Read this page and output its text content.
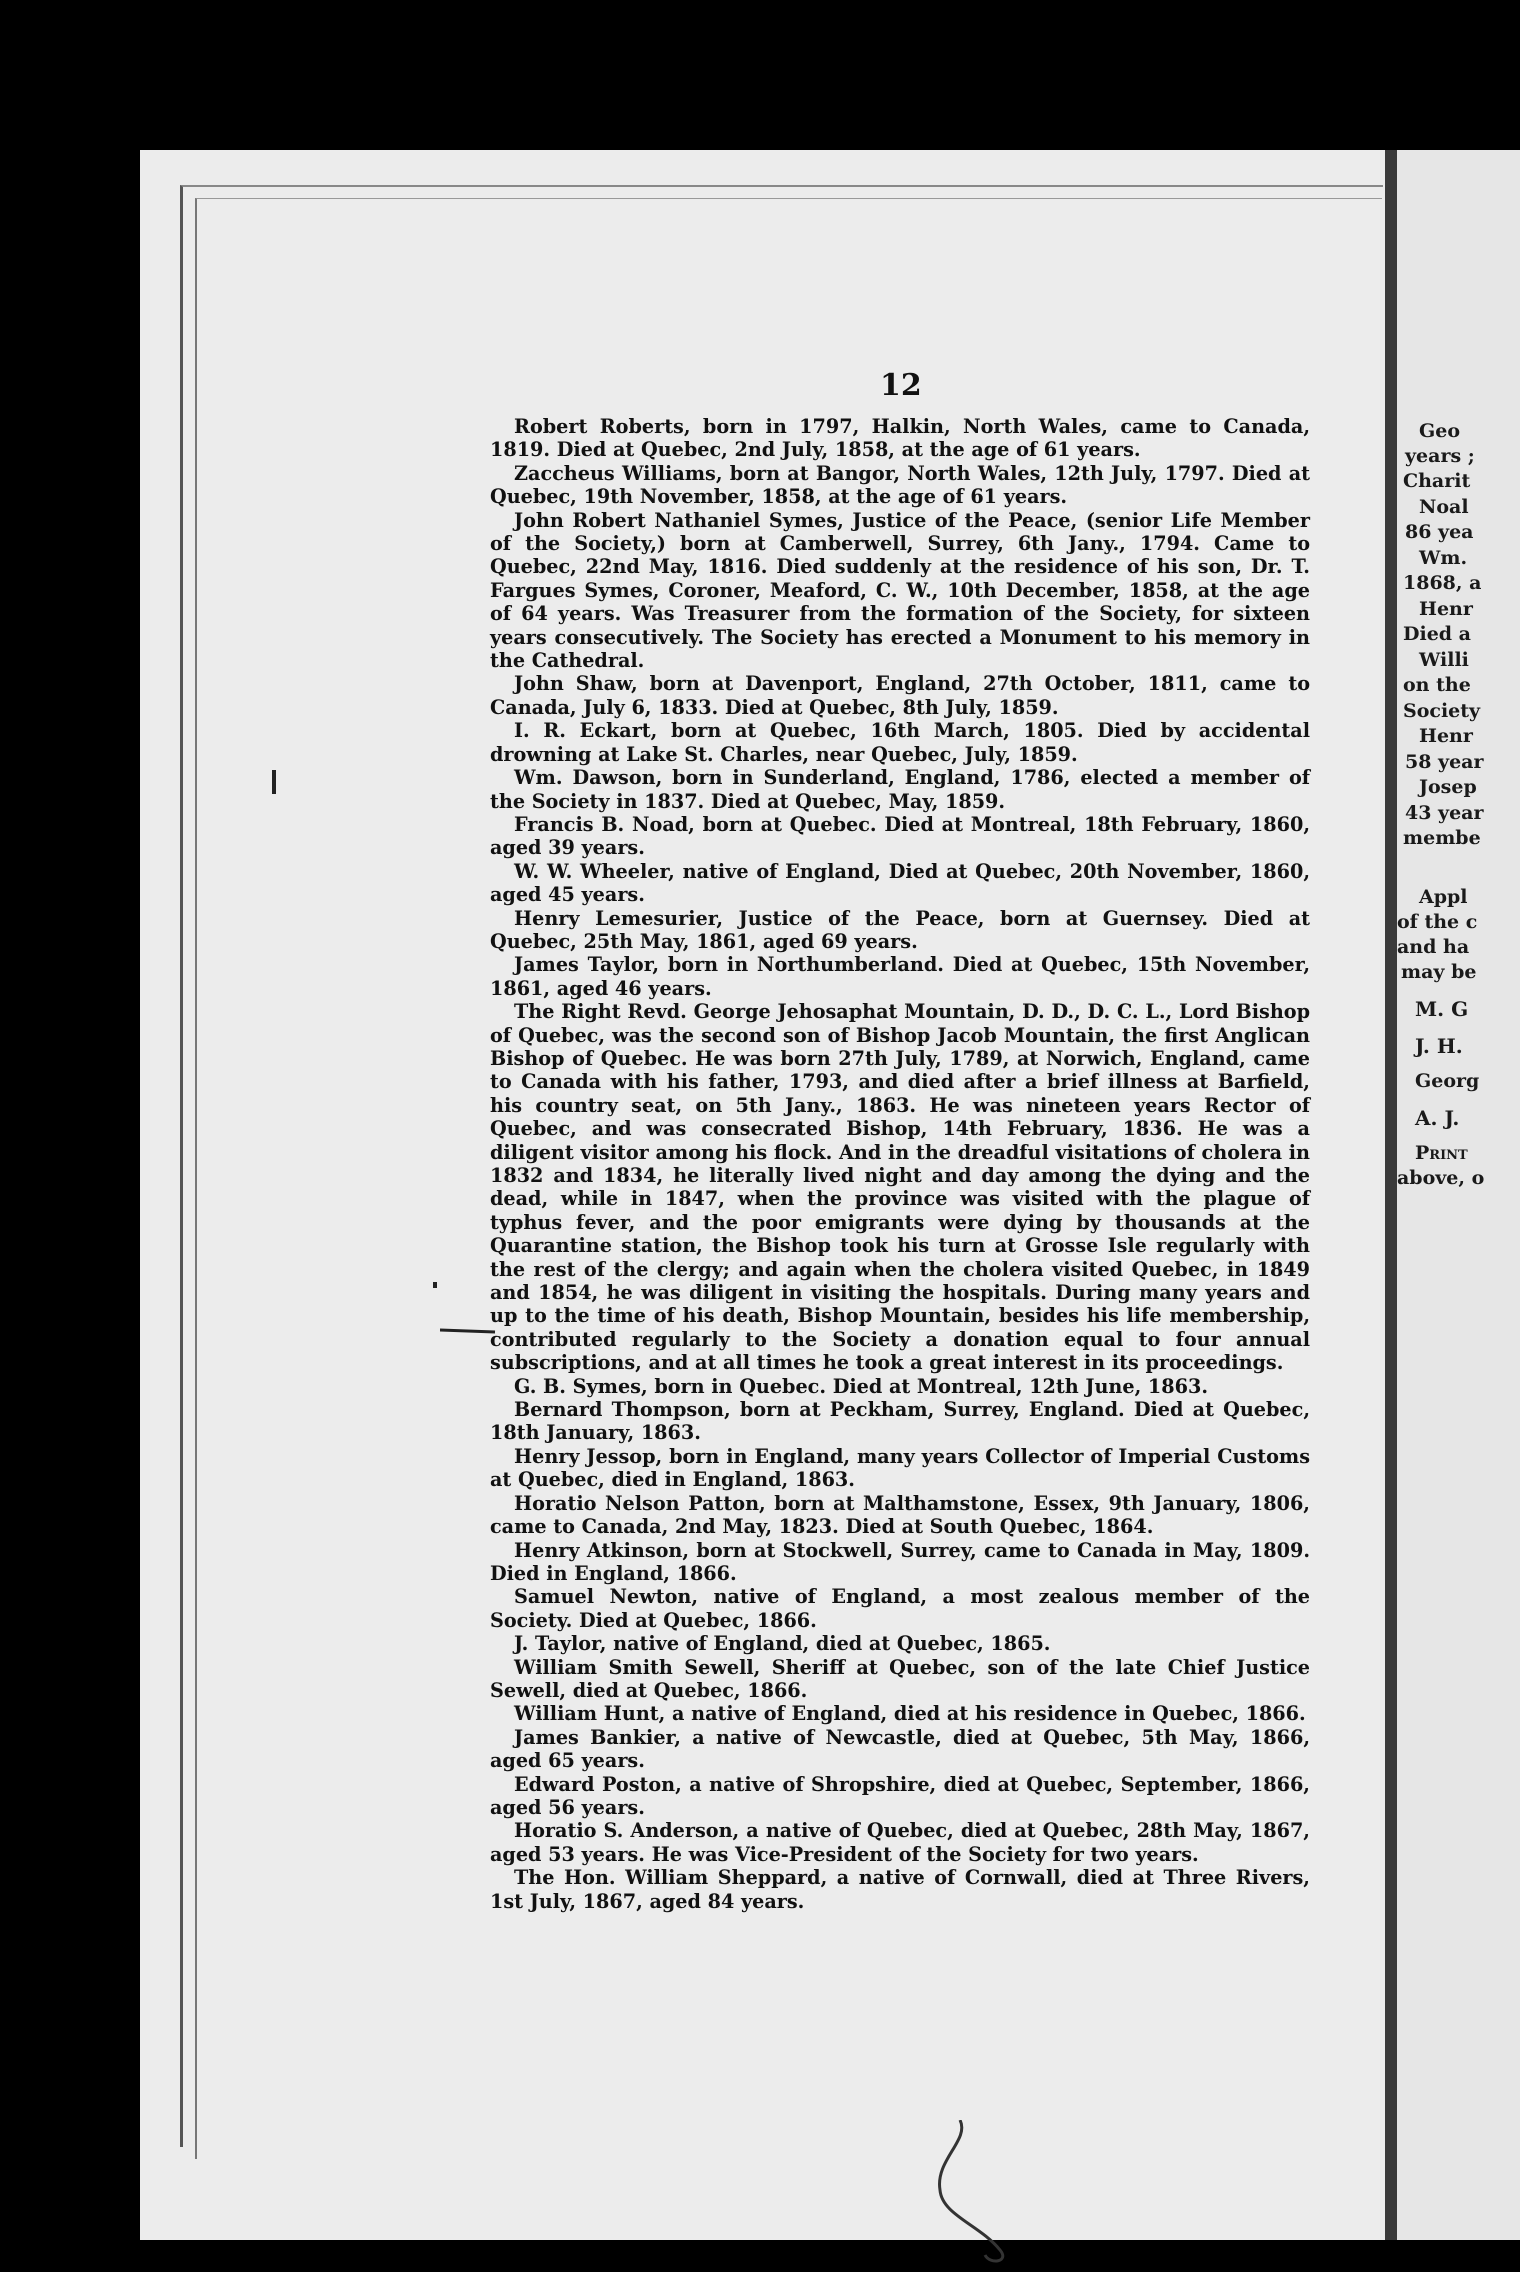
Geo
years ;
Charit
Noal
86 yea
Wm.
1868, a
Henr
Died a
Willi
on the
Society
Henr
58 year
Josep
43 year
membe
Appl
of the c
and ha
may be
M. G
J. H.
Georg
A. J.
Print
above, o
12

Robert Roberts, born in 1797, Halkin, North Wales, came to Canada, 1819. Died at Quebec, 2nd July, 1858, at the age of 61 years.

Zaccheus Williams, born at Bangor, North Wales, 12th July, 1797. Died at Quebec, 19th November, 1858, at the age of 61 years.

John Robert Nathaniel Symes, Justice of the Peace, (senior Life Member of the Society,) born at Camberwell, Surrey, 6th Jany., 1794. Came to Quebec, 22nd May, 1816. Died suddenly at the residence of his son, Dr. T. Fargues Symes, Coroner, Meaford, C. W., 10th December, 1858, at the age of 64 years. Was Treasurer from the formation of the Society, for sixteen years consecutively. The Society has erected a Monument to his memory in the Cathedral.

John Shaw, born at Davenport, England, 27th October, 1811, came to Canada, July 6, 1833. Died at Quebec, 8th July, 1859.

I. R. Eckart, born at Quebec, 16th March, 1805. Died by accidental drowning at Lake St. Charles, near Quebec, July, 1859.

Wm. Dawson, born in Sunderland, England, 1786, elected a member of the Society in 1837. Died at Quebec, May, 1859.

Francis B. Noad, born at Quebec. Died at Montreal, 18th February, 1860, aged 39 years.

W. W. Wheeler, native of England, Died at Quebec, 20th November, 1860, aged 45 years.

Henry Lemesurier, Justice of the Peace, born at Guernsey. Died at Quebec, 25th May, 1861, aged 69 years.

James Taylor, born in Northumberland. Died at Quebec, 15th November, 1861, aged 46 years.

The Right Revd. George Jehosaphat Mountain, D. D., D. C. L., Lord Bishop of Quebec, was the second son of Bishop Jacob Mountain, the first Anglican Bishop of Quebec. He was born 27th July, 1789, at Norwich, England, came to Canada with his father, 1793, and died after a brief illness at Barfield, his country seat, on 5th Jany., 1863. He was nineteen years Rector of Quebec, and was consecrated Bishop, 14th February, 1836. He was a diligent visitor among his flock. And in the dreadful visitations of cholera in 1832 and 1834, he literally lived night and day among the dying and the dead, while in 1847, when the province was visited with the plague of typhus fever, and the poor emigrants were dying by thousands at the Quarantine station, the Bishop took his turn at Grosse Isle regularly with the rest of the clergy; and again when the cholera visited Quebec, in 1849 and 1854, he was diligent in visiting the hospitals. During many years and up to the time of his death, Bishop Mountain, besides his life membership, contributed regularly to the Society a donation equal to four annual subscriptions, and at all times he took a great interest in its proceedings.

G. B. Symes, born in Quebec. Died at Montreal, 12th June, 1863.

Bernard Thompson, born at Peckham, Surrey, England. Died at Quebec, 18th January, 1863.

Henry Jessop, born in England, many years Collector of Imperial Customs at Quebec, died in England, 1863.

Horatio Nelson Patton, born at Malthamstone, Essex, 9th January, 1806, came to Canada, 2nd May, 1823. Died at South Quebec, 1864.

Henry Atkinson, born at Stockwell, Surrey, came to Canada in May, 1809. Died in England, 1866.

Samuel Newton, native of England, a most zealous member of the Society. Died at Quebec, 1866.

J. Taylor, native of England, died at Quebec, 1865.

William Smith Sewell, Sheriff at Quebec, son of the late Chief Justice Sewell, died at Quebec, 1866.

William Hunt, a native of England, died at his residence in Quebec, 1866.

James Bankier, a native of Newcastle, died at Quebec, 5th May, 1866, aged 65 years.

Edward Poston, a native of Shropshire, died at Quebec, September, 1866, aged 56 years.

Horatio S. Anderson, a native of Quebec, died at Quebec, 28th May, 1867, aged 53 years. He was Vice-President of the Society for two years.

The Hon. William Sheppard, a native of Cornwall, died at Three Rivers, 1st July, 1867, aged 84 years.
